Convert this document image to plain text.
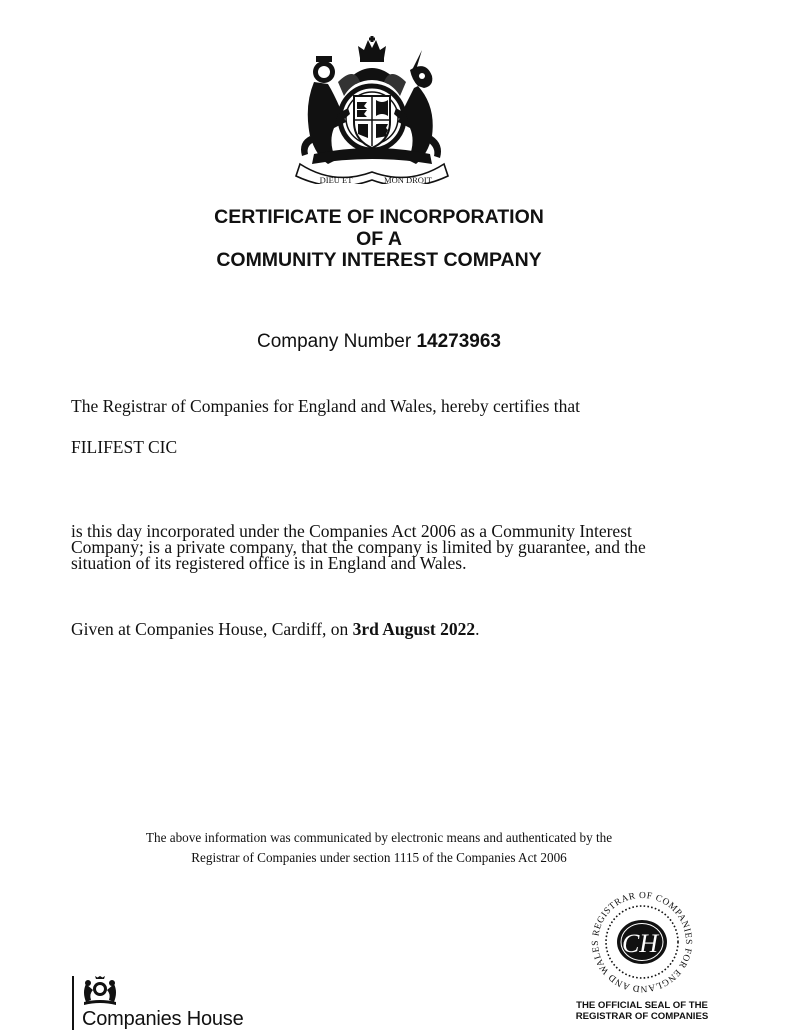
DIEU ET	MON DROIT
CERTIFICATE OF INCORPORATION
OF A
COMMUNITY INTEREST COMPANY
Company Number 14273963
The Registrar of Companies for England and Wales, hereby certifies that
FILIFEST CIC
is this day incorporated under the Companies Act 2006 as a Community Interest
Company; is a private company, that the company is limited by guarantee, and the
situation of its registered office is in England and Wales.
Given at Companies House, Cardiff, on 3rd August 2022.
The above information was communicated by electronic means and authenticated by the
Registrar of Companies under section 1115 of the Companies Act 2006
REGISTRAR OF COMPANIES FOR ENGLAND AND WALES CH
THE OFFICIAL SEAL OF THE
REGISTRAR OF COMPANIES
Companies House
